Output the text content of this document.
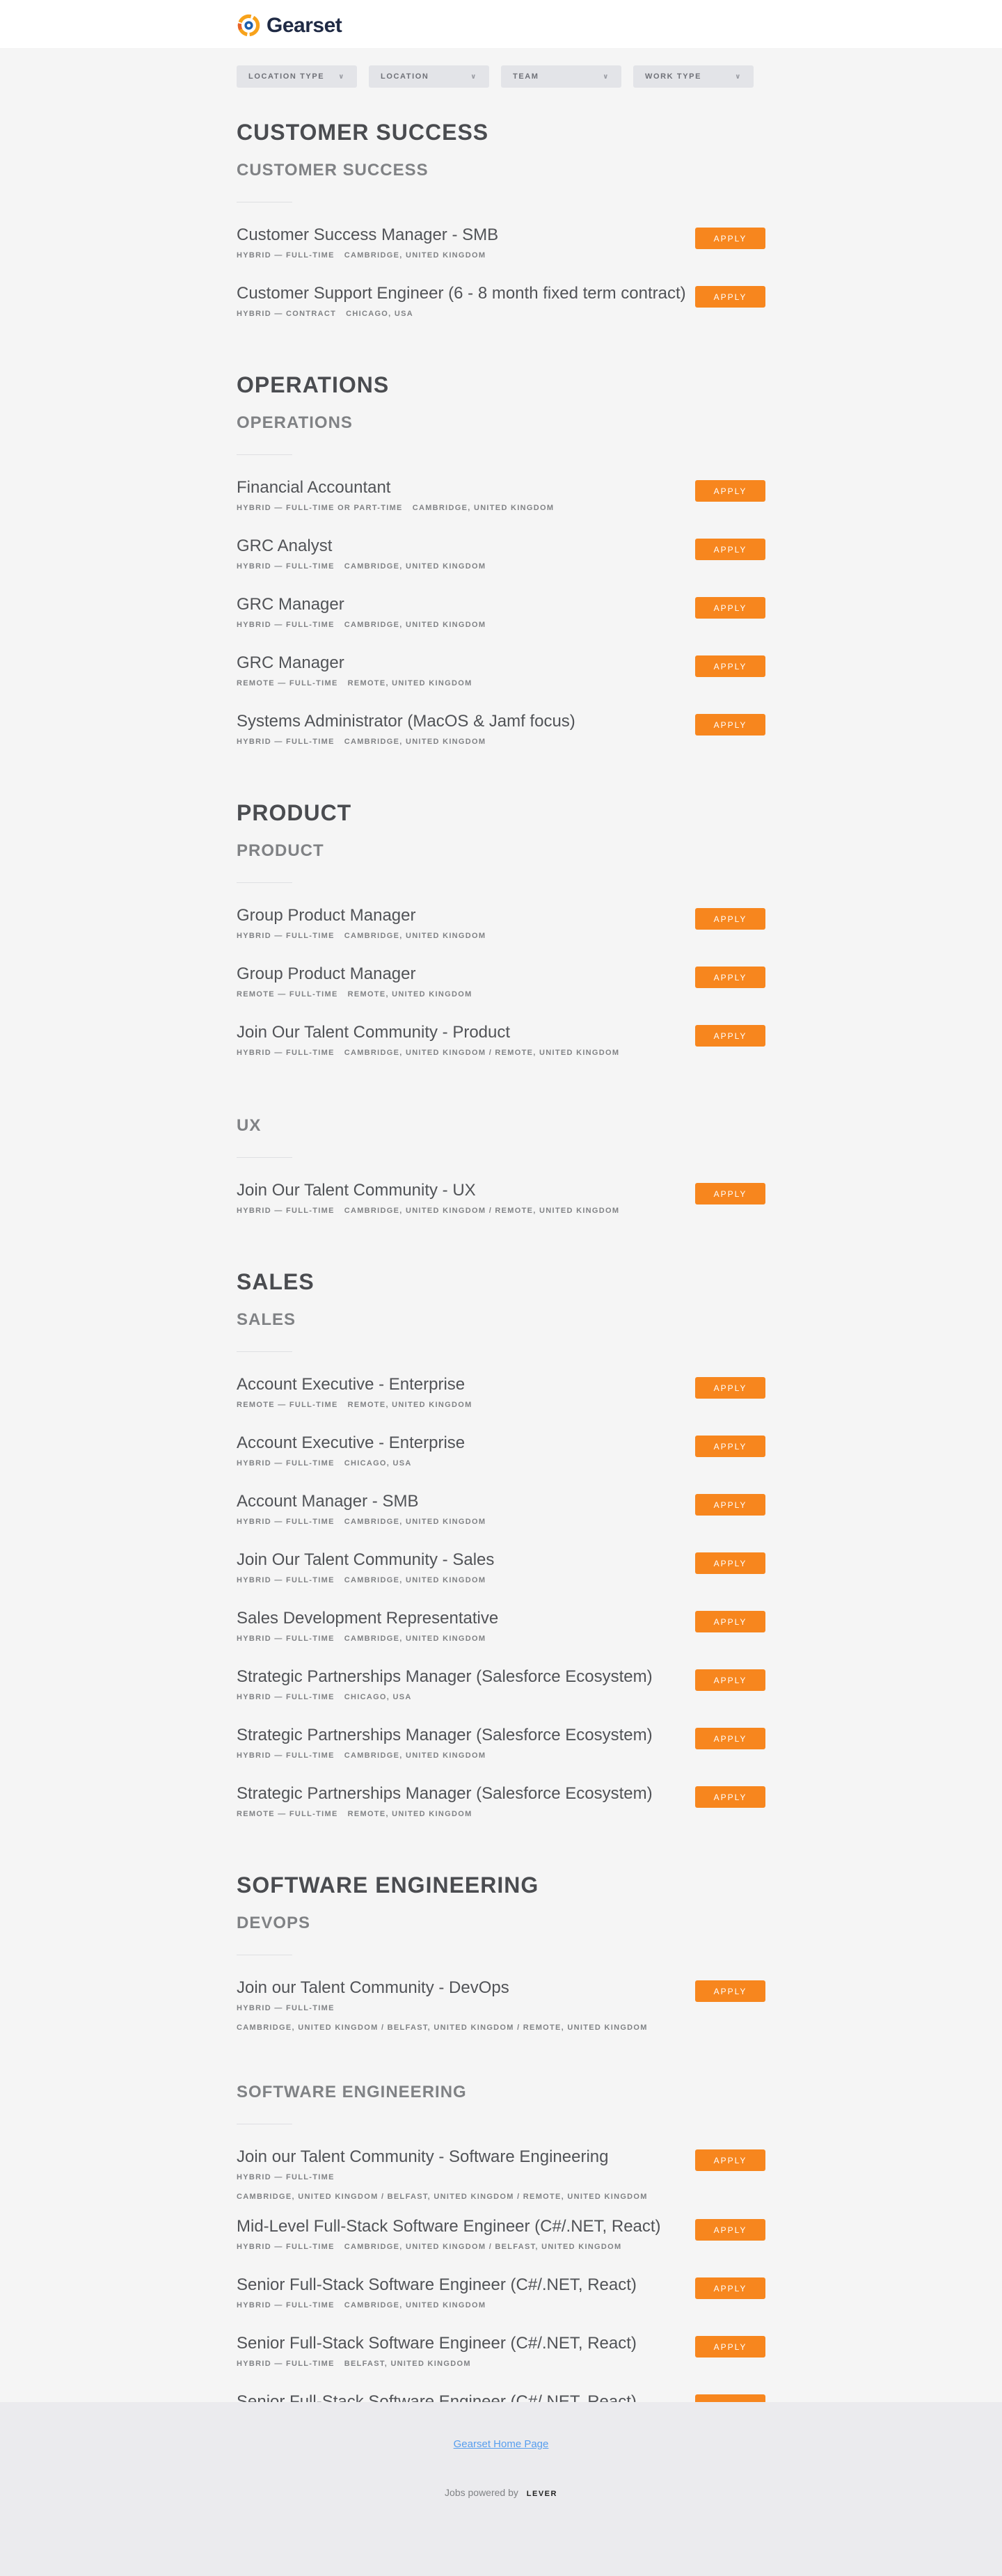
Gearset
LOCATION TYPE ∨	LOCATION	∨	TEAM	∨	WORK TYPE	∨
CUSTOMER SUCCESS
CUSTOMER SUCCESS
Customer Success Manager - SMB
HYBRID — FULL-TIME CAMBRIDGE, UNITED KINGDOM
APPLY
Customer Support Engineer (6 - 8 month fixed term contract)
HYBRID — CONTRACT CHICAGO, USA
APPLY
OPERATIONS
OPERATIONS
Financial Accountant
HYBRID — FULL-TIME OR PART-TIME CAMBRIDGE, UNITED KINGDOM
APPLY
GRC Analyst
HYBRID — FULL-TIME CAMBRIDGE, UNITED KINGDOM
APPLY
GRC Manager
HYBRID — FULL-TIME CAMBRIDGE, UNITED KINGDOM
APPLY
GRC Manager
REMOTE — FULL-TIME REMOTE, UNITED KINGDOM
APPLY
Systems Administrator (MacOS & Jamf focus)
HYBRID — FULL-TIME CAMBRIDGE, UNITED KINGDOM
APPLY
PRODUCT
PRODUCT
Group Product Manager
HYBRID — FULL-TIME CAMBRIDGE, UNITED KINGDOM
APPLY
Group Product Manager
REMOTE — FULL-TIME REMOTE, UNITED KINGDOM
APPLY
Join Our Talent Community - Product
HYBRID — FULL-TIME CAMBRIDGE, UNITED KINGDOM / REMOTE, UNITED KINGDOM
APPLY
UX
Join Our Talent Community - UX
HYBRID — FULL-TIME CAMBRIDGE, UNITED KINGDOM / REMOTE, UNITED KINGDOM
APPLY
SALES
SALES
Account Executive - Enterprise
REMOTE — FULL-TIME REMOTE, UNITED KINGDOM
APPLY
Account Executive - Enterprise
HYBRID — FULL-TIME CHICAGO, USA
APPLY
Account Manager - SMB
HYBRID — FULL-TIME CAMBRIDGE, UNITED KINGDOM
APPLY
Join Our Talent Community - Sales
HYBRID — FULL-TIME CAMBRIDGE, UNITED KINGDOM
APPLY
Sales Development Representative
HYBRID — FULL-TIME CAMBRIDGE, UNITED KINGDOM
APPLY
Strategic Partnerships Manager (Salesforce Ecosystem)
HYBRID — FULL-TIME CHICAGO, USA
APPLY
Strategic Partnerships Manager (Salesforce Ecosystem)
HYBRID — FULL-TIME CAMBRIDGE, UNITED KINGDOM
APPLY
Strategic Partnerships Manager (Salesforce Ecosystem)
REMOTE — FULL-TIME REMOTE, UNITED KINGDOM
APPLY
SOFTWARE ENGINEERING
DEVOPS
Join our Talent Community - DevOps
HYBRID — FULL-TIME
CAMBRIDGE, UNITED KINGDOM / BELFAST, UNITED KINGDOM / REMOTE, UNITED KINGDOM
APPLY
SOFTWARE ENGINEERING
Join our Talent Community - Software Engineering
HYBRID — FULL-TIME
CAMBRIDGE, UNITED KINGDOM / BELFAST, UNITED KINGDOM / REMOTE, UNITED KINGDOM
APPLY
Mid-Level Full-Stack Software Engineer (C#/.NET, React)
HYBRID — FULL-TIME CAMBRIDGE, UNITED KINGDOM / BELFAST, UNITED KINGDOM
APPLY
Senior Full-Stack Software Engineer (C#/.NET, React)
HYBRID — FULL-TIME CAMBRIDGE, UNITED KINGDOM
APPLY
Senior Full-Stack Software Engineer (C#/.NET, React)
HYBRID — FULL-TIME BELFAST, UNITED KINGDOM
APPLY
Gearset Home Page
Jobs powered by LEVER
